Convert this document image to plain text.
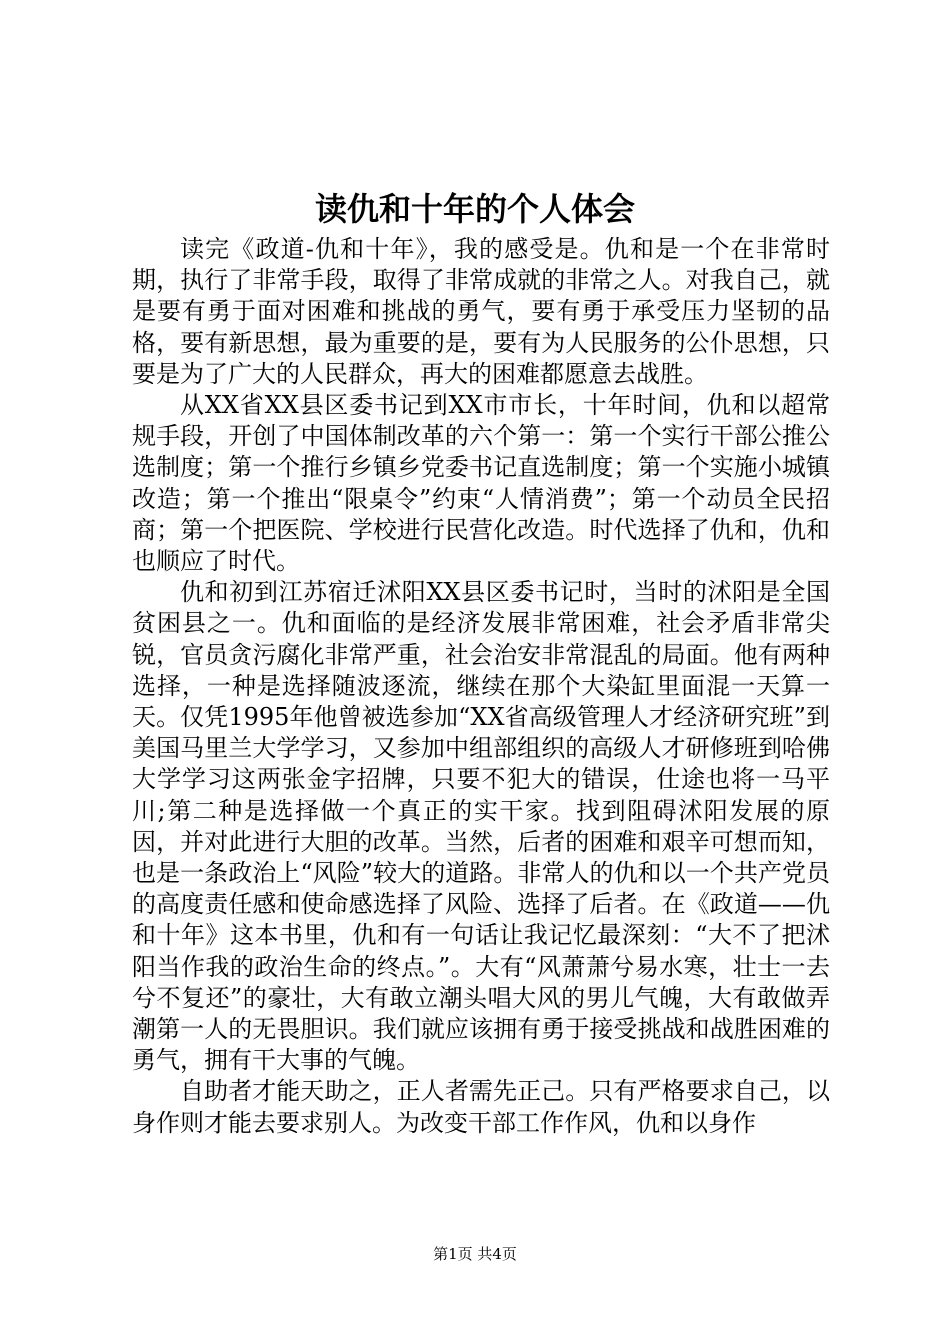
读仇和十年的个人体会

读完《政道-仇和十年》，我的感受是。仇和是一个在非常时期，执行了非常手段，取得了非常成就的非常之人。对我自己，就是要有勇于面对困难和挑战的勇气，要有勇于承受压力坚韧的品格，要有新思想，最为重要的是，要有为人民服务的公仆思想，只要是为了广大的人民群众，再大的困难都愿意去战胜。

从XX省XX县区委书记到XX市市长，十年时间，仇和以超常规手段，开创了中国体制改革的六个第一：第一个实行干部公推公选制度；第一个推行乡镇乡党委书记直选制度；第一个实施小城镇改造；第一个推出“限桌令”约束“人情消费”；第一个动员全民招商；第一个把医院、学校进行民营化改造。时代选择了仇和，仇和也顺应了时代。

仇和初到江苏宿迁沭阳XX县区委书记时，当时的沭阳是全国贫困县之一。仇和面临的是经济发展非常困难，社会矛盾非常尖锐，官员贪污腐化非常严重，社会治安非常混乱的局面。他有两种选择，一种是选择随波逐流，继续在那个大染缸里面混一天算一天。仅凭1995年他曾被选参加“XX省高级管理人才经济研究班”到美国马里兰大学学习，又参加中组部组织的高级人才研修班到哈佛大学学习这两张金字招牌，只要不犯大的错误，仕途也将一马平川;第二种是选择做一个真正的实干家。找到阻碍沭阳发展的原因，并对此进行大胆的改革。当然，后者的困难和艰辛可想而知，也是一条政治上“风险”较大的道路。非常人的仇和以一个共产党员的高度责任感和使命感选择了风险、选择了后者。在《政道——仇和十年》这本书里，仇和有一句话让我记忆最深刻：“大不了把沭阳当作我的政治生命的终点。”。大有“风萧萧兮易水寒，壮士一去兮不复还”的豪壮，大有敢立潮头唱大风的男儿气魄，大有敢做弄潮第一人的无畏胆识。我们就应该拥有勇于接受挑战和战胜困难的勇气，拥有干大事的气魄。

自助者才能天助之，正人者需先正己。只有严格要求自己，以身作则才能去要求别人。为改变干部工作作风，仇和以身作

第1页 共4页
